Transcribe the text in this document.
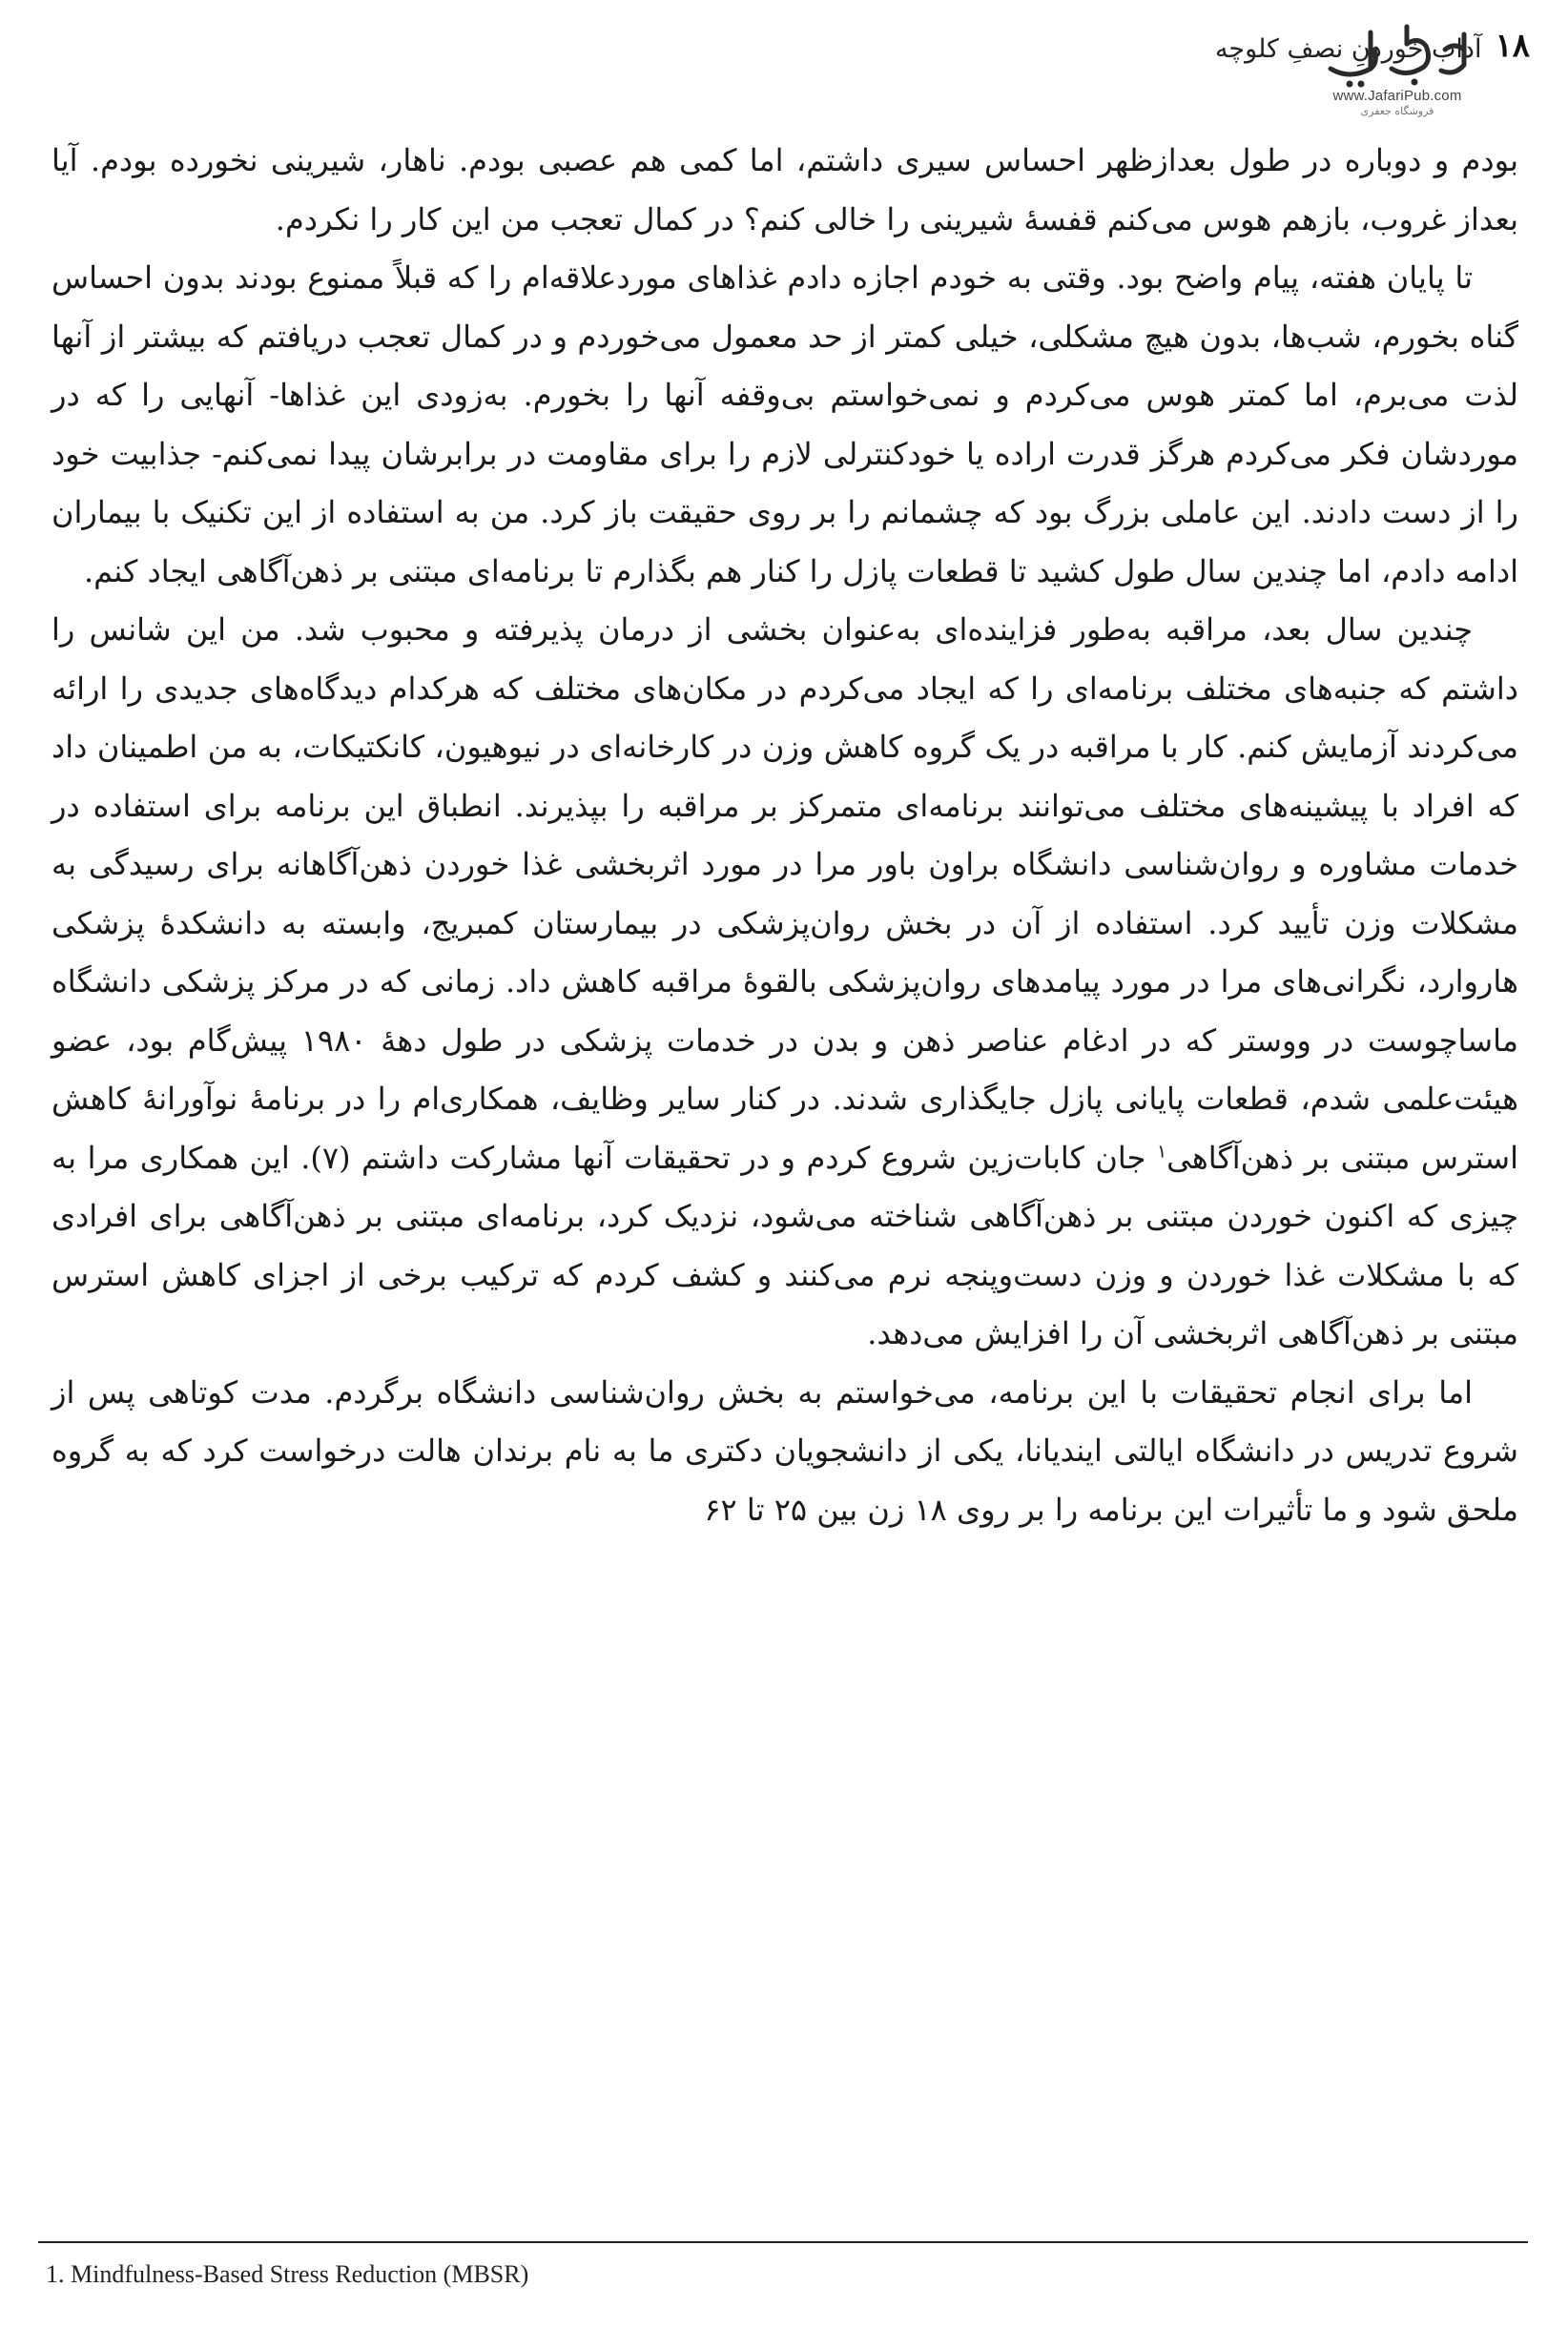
۱۸
آداب خوردنِ نصفِ کلوچه
www.JafariPub.com
فروشگاه جعفری

بودم و دوباره در طول بعدازظهر احساس سیری داشتم، اما کمی هم عصبی بودم. ناهار، شیرینی نخورده بودم. آیا بعداز غروب، بازهم هوس می‌کنم قفسهٔ شیرینی را خالی کنم؟ در کمال تعجب من این کار را نکردم.

تا پایان هفته، پیام واضح بود. وقتی به خودم اجازه دادم غذاهای موردعلاقه‌ام را که قبلاً ممنوع بودند بدون احساس گناه بخورم، شب‌ها، بدون هیچ مشکلی، خیلی کمتر از حد معمول می‌خوردم و در کمال تعجب دریافتم که بیشتر از آنها لذت می‌برم، اما کمتر هوس می‌کردم و نمی‌خواستم بی‌وقفه آنها را بخورم. به‌زودی این غذاها- آنهایی را که در موردشان فکر می‌کردم هرگز قدرت اراده یا خودکنترلی لازم را برای مقاومت در برابرشان پیدا نمی‌کنم- جذابیت خود را از دست دادند. این عاملی بزرگ بود که چشمانم را بر روی حقیقت باز کرد. من به استفاده از این تکنیک با بیماران ادامه دادم، اما چندین سال طول کشید تا قطعات پازل را کنار هم بگذارم تا برنامه‌ای مبتنی بر ذهن‌آگاهی ایجاد کنم.

چندین سال بعد، مراقبه به‌طور فزاینده‌ای به‌عنوان بخشی از درمان پذیرفته و محبوب شد. من این شانس را داشتم که جنبه‌های مختلف برنامه‌ای را که ایجاد می‌کردم در مکان‌های مختلف که هرکدام دیدگاه‌های جدیدی را ارائه می‌کردند آزمایش کنم. کار با مراقبه در یک گروه کاهش وزن در کارخانه‌ای در نیوهیون، کانکتیکات، به من اطمینان داد که افراد با پیشینه‌های مختلف می‌توانند برنامه‌ای متمرکز بر مراقبه را بپذیرند. انطباق این برنامه برای استفاده در خدمات مشاوره و روان‌شناسی دانشگاه براون باور مرا در مورد اثربخشی غذا خوردن ذهن‌آگاهانه برای رسیدگی به مشکلات وزن تأیید کرد. استفاده از آن در بخش روان‌پزشکی در بیمارستان کمبریج، وابسته به دانشکدهٔ پزشکی هاروارد، نگرانی‌های مرا در مورد پیامدهای روان‌پزشکی بالقوهٔ مراقبه کاهش داد. زمانی که در مرکز پزشکی دانشگاه ماساچوست در ووستر که در ادغام عناصر ذهن و بدن در خدمات پزشکی در طول دههٔ ۱۹۸۰ پیش‌گام بود، عضو هیئت‌علمی شدم، قطعات پایانی پازل جایگذاری شدند. در کنار سایر وظایف، همکاری‌ام را در برنامهٔ نوآورانهٔ کاهش استرس مبتنی بر ذهن‌آگاهی$^۱$ جان کابات‌زین شروع کردم و در تحقیقات آنها مشارکت داشتم (۷). این همکاری مرا به چیزی که اکنون خوردن مبتنی بر ذهن‌آگاهی شناخته می‌شود، نزدیک کرد، برنامه‌ای مبتنی بر ذهن‌آگاهی برای افرادی که با مشکلات غذا خوردن و وزن دست‌وپنجه نرم می‌کنند و کشف کردم که ترکیب برخی از اجزای کاهش استرس مبتنی بر ذهن‌آگاهی اثربخشی آن را افزایش می‌دهد.

اما برای انجام تحقیقات با این برنامه، می‌خواستم به بخش روان‌شناسی دانشگاه برگردم. مدت کوتاهی پس از شروع تدریس در دانشگاه ایالتی ایندیانا، یکی از دانشجویان دکتری ما به نام برندان هالت درخواست کرد که به گروه ملحق شود و ما تأثیرات این برنامه را بر روی ۱۸ زن بین ۲۵ تا ۶۲

1. Mindfulness-Based Stress Reduction (MBSR)
